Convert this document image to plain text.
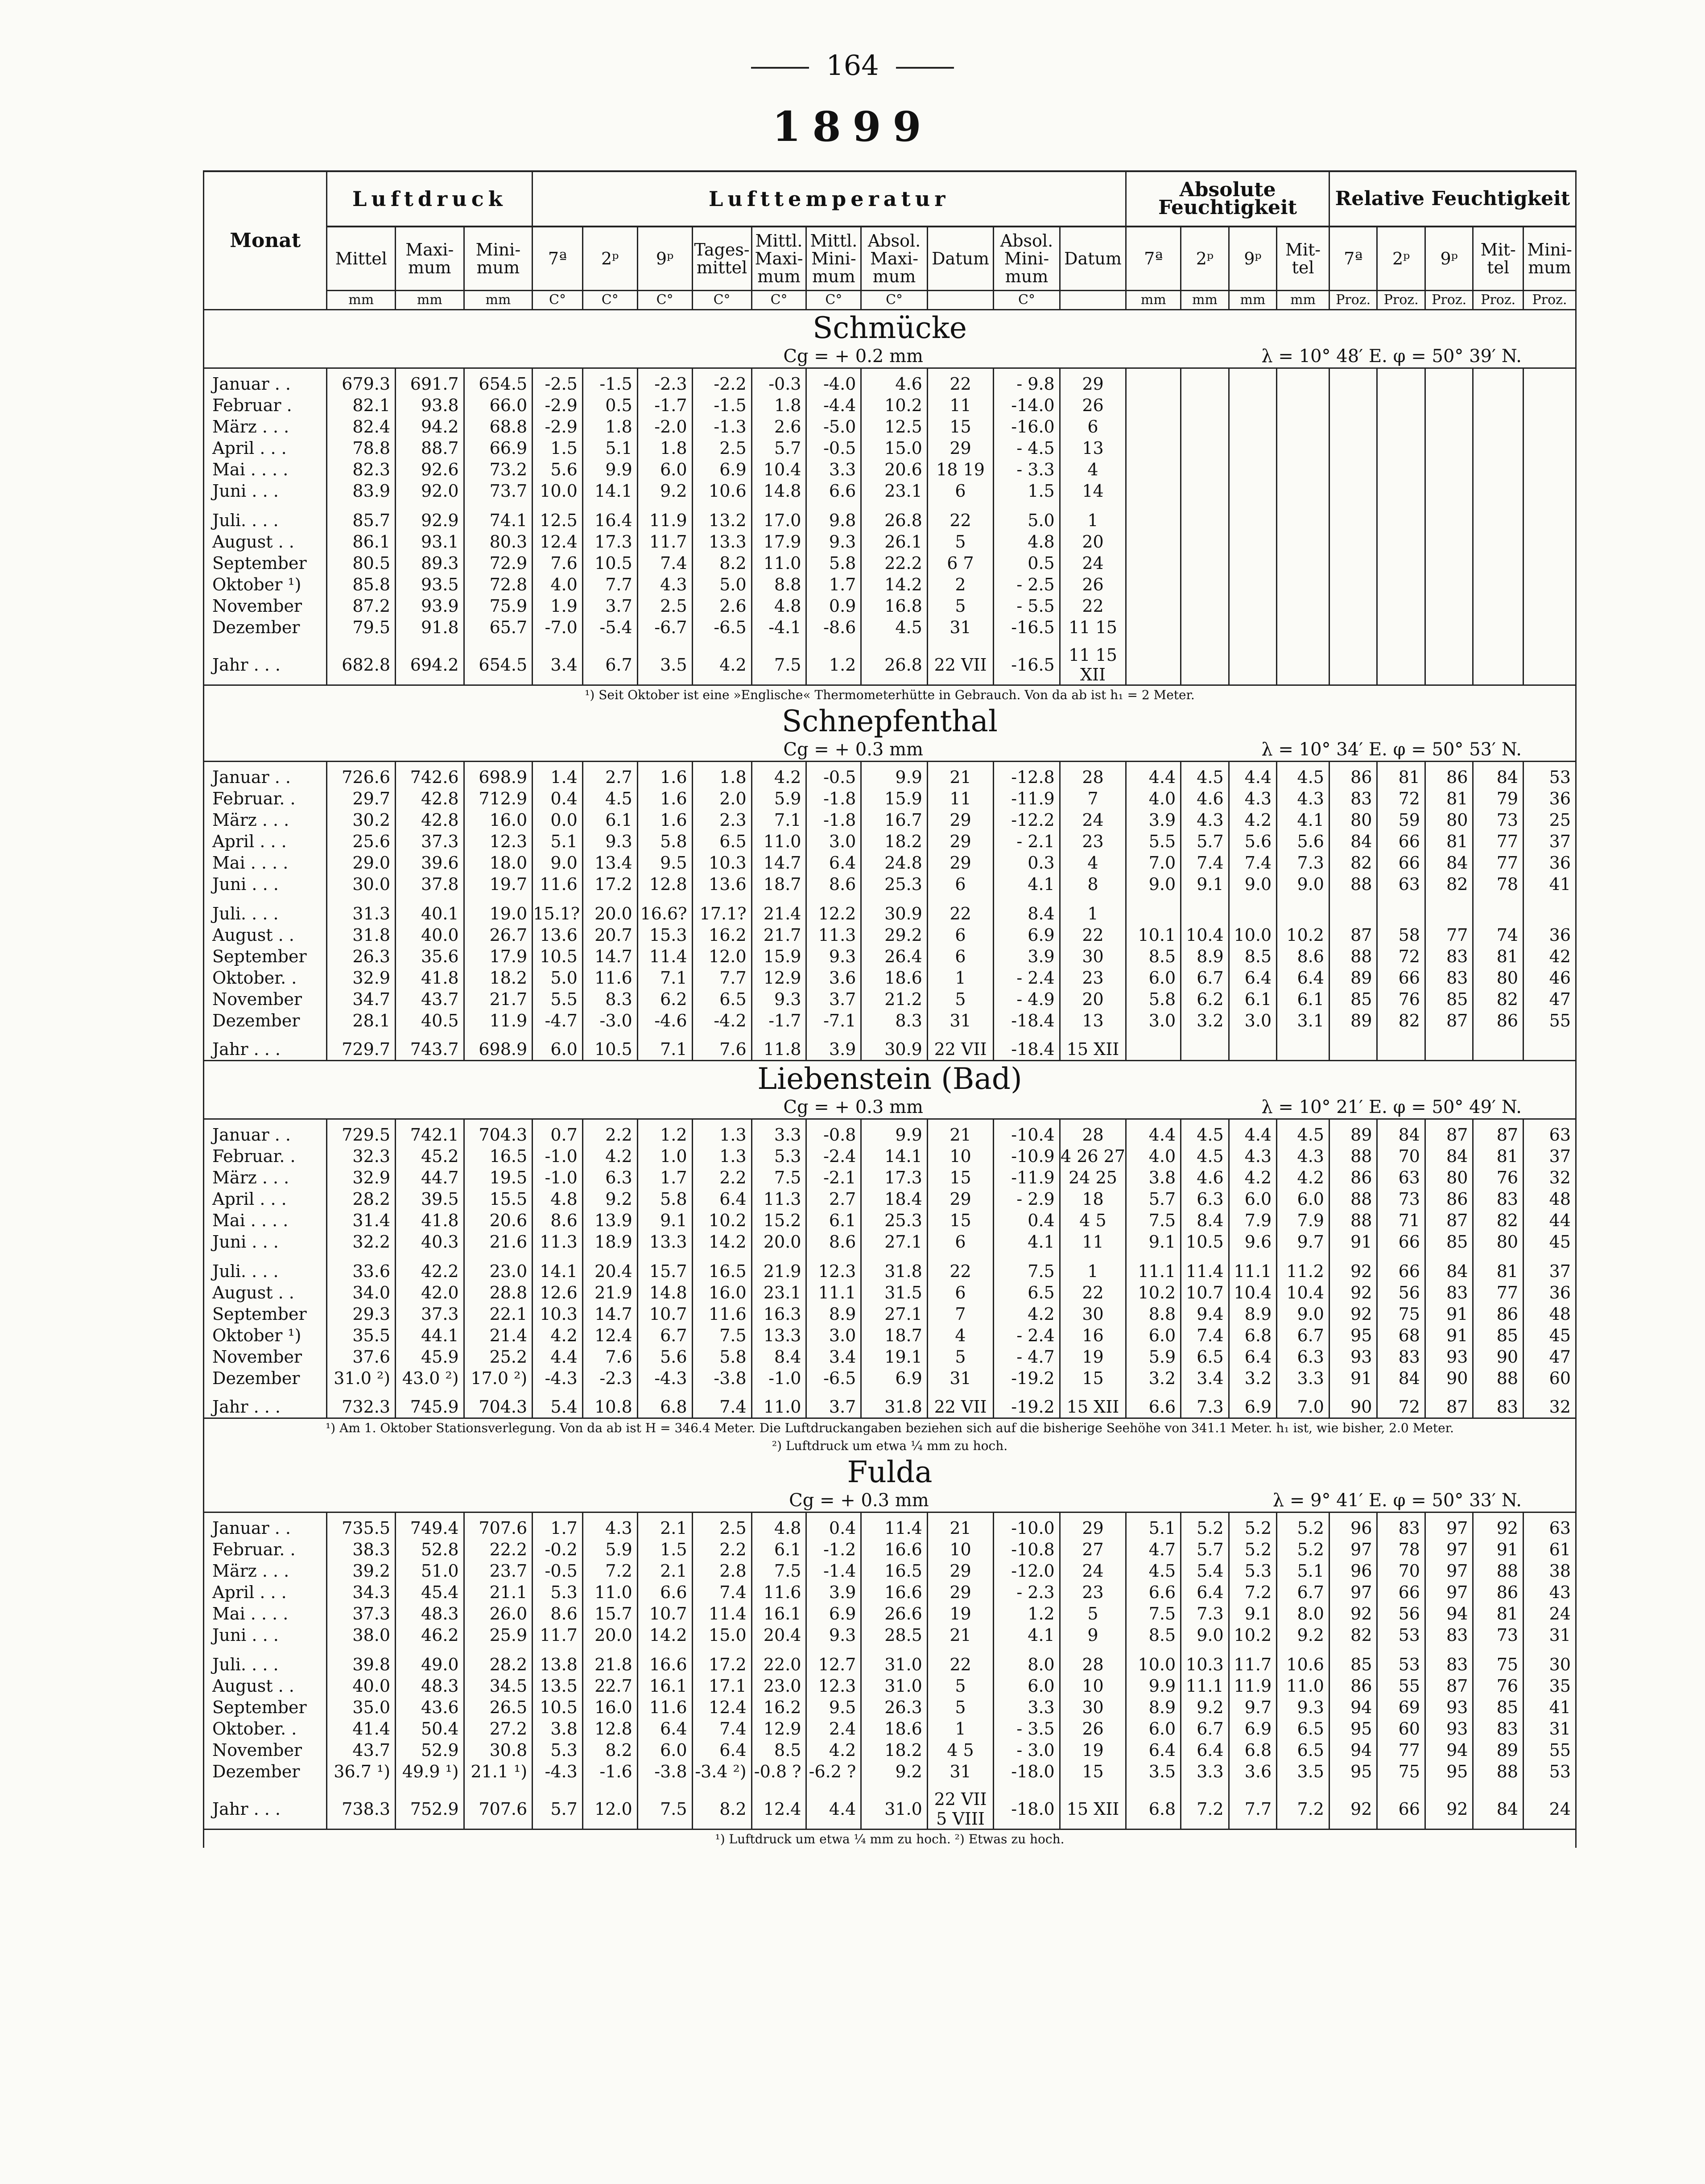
164
1899
Monat	Luftdruck			Lufttemperatur										Absolute Feuchtigkeit				Relative Feuchtigkeit				
	Mittel	Maxi-mum	Mini-mum	7ª	2ᵖ	9ᵖ	Tages-mittel	Mittl. Maxi-mum	Mittl. Mini-mum	Absol. Maxi-mum	Datum	Absol. Mini-mum	Datum	7ª	2ᵖ	9ᵖ	Mit-tel	7ª	2ᵖ	9ᵖ	Mit-tel	Mini-mum
	mm	mm	mm	C°	C°	C°	C°	C°	C°	C°		C°		mm	mm	mm	mm	Proz.	Proz.	Proz.	Proz.	Proz.
Schmücke																						
Cg = + 0.2 mm λ = 10° 48′ E. φ = 50° 39′ N.																						

Januar . .	679.3	691.7	654.5	-2.5	-1.5	-2.3	-2.2	-0.3	-4.0	4.6	22	- 9.8	29									
Februar .	82.1	93.8	66.0	-2.9	0.5	-1.7	-1.5	1.8	-4.4	10.2	11	-14.0	26									
März . . .	82.4	94.2	68.8	-2.9	1.8	-2.0	-1.3	2.6	-5.0	12.5	15	-16.0	6									
April . . .	78.8	88.7	66.9	1.5	5.1	1.8	2.5	5.7	-0.5	15.0	29	- 4.5	13									
Mai . . . .	82.3	92.6	73.2	5.6	9.9	6.0	6.9	10.4	3.3	20.6	18 19	- 3.3	4									
Juni . . .	83.9	92.0	73.7	10.0	14.1	9.2	10.6	14.8	6.6	23.1	6	1.5	14									
Juli. . . .	85.7	92.9	74.1	12.5	16.4	11.9	13.2	17.0	9.8	26.8	22	5.0	1									
August . .	86.1	93.1	80.3	12.4	17.3	11.7	13.3	17.9	9.3	26.1	5	4.8	20									
September	80.5	89.3	72.9	7.6	10.5	7.4	8.2	11.0	5.8	22.2	6 7	0.5	24									
Oktober ¹)	85.8	93.5	72.8	4.0	7.7	4.3	5.0	8.8	1.7	14.2	2	- 2.5	26									
November	87.2	93.9	75.9	1.9	3.7	2.5	2.6	4.8	0.9	16.8	5	- 5.5	22									
Dezember	79.5	91.8	65.7	-7.0	-5.4	-6.7	-6.5	-4.1	-8.6	4.5	31	-16.5	11 15									
Jahr . . .	682.8	694.2	654.5	3.4	6.7	3.5	4.2	7.5	1.2	26.8	22 VII	-16.5	11 15 XII									
¹) Seit Oktober ist eine »Englische« Thermometerhütte in Gebrauch. Von da ab ist h₁ = 2 Meter.																						
Schnepfenthal																						
Cg = + 0.3 mm λ = 10° 34′ E. φ = 50° 53′ N.																						

Januar . .	726.6	742.6	698.9	1.4	2.7	1.6	1.8	4.2	-0.5	9.9	21	-12.8	28	4.4	4.5	4.4	4.5	86	81	86	84	53
Februar. .	29.7	42.8	712.9	0.4	4.5	1.6	2.0	5.9	-1.8	15.9	11	-11.9	7	4.0	4.6	4.3	4.3	83	72	81	79	36
März . . .	30.2	42.8	16.0	0.0	6.1	1.6	2.3	7.1	-1.8	16.7	29	-12.2	24	3.9	4.3	4.2	4.1	80	59	80	73	25
April . . .	25.6	37.3	12.3	5.1	9.3	5.8	6.5	11.0	3.0	18.2	29	- 2.1	23	5.5	5.7	5.6	5.6	84	66	81	77	37
Mai . . . .	29.0	39.6	18.0	9.0	13.4	9.5	10.3	14.7	6.4	24.8	29	0.3	4	7.0	7.4	7.4	7.3	82	66	84	77	36
Juni . . .	30.0	37.8	19.7	11.6	17.2	12.8	13.6	18.7	8.6	25.3	6	4.1	8	9.0	9.1	9.0	9.0	88	63	82	78	41
Juli. . . .	31.3	40.1	19.0	15.1?	20.0	16.6?	17.1?	21.4	12.2	30.9	22	8.4	1									
August . .	31.8	40.0	26.7	13.6	20.7	15.3	16.2	21.7	11.3	29.2	6	6.9	22	10.1	10.4	10.0	10.2	87	58	77	74	36
September	26.3	35.6	17.9	10.5	14.7	11.4	12.0	15.9	9.3	26.4	6	3.9	30	8.5	8.9	8.5	8.6	88	72	83	81	42
Oktober. .	32.9	41.8	18.2	5.0	11.6	7.1	7.7	12.9	3.6	18.6	1	- 2.4	23	6.0	6.7	6.4	6.4	89	66	83	80	46
November	34.7	43.7	21.7	5.5	8.3	6.2	6.5	9.3	3.7	21.2	5	- 4.9	20	5.8	6.2	6.1	6.1	85	76	85	82	47
Dezember	28.1	40.5	11.9	-4.7	-3.0	-4.6	-4.2	-1.7	-7.1	8.3	31	-18.4	13	3.0	3.2	3.0	3.1	89	82	87	86	55
Jahr . . .	729.7	743.7	698.9	6.0	10.5	7.1	7.6	11.8	3.9	30.9	22 VII	-18.4	15 XII									
Liebenstein (Bad)																						
Cg = + 0.3 mm λ = 10° 21′ E. φ = 50° 49′ N.																						

Januar . .	729.5	742.1	704.3	0.7	2.2	1.2	1.3	3.3	-0.8	9.9	21	-10.4	28	4.4	4.5	4.4	4.5	89	84	87	87	63
Februar. .	32.3	45.2	16.5	-1.0	4.2	1.0	1.3	5.3	-2.4	14.1	10	-10.9	4 26 27	4.0	4.5	4.3	4.3	88	70	84	81	37
März . . .	32.9	44.7	19.5	-1.0	6.3	1.7	2.2	7.5	-2.1	17.3	15	-11.9	24 25	3.8	4.6	4.2	4.2	86	63	80	76	32
April . . .	28.2	39.5	15.5	4.8	9.2	5.8	6.4	11.3	2.7	18.4	29	- 2.9	18	5.7	6.3	6.0	6.0	88	73	86	83	48
Mai . . . .	31.4	41.8	20.6	8.6	13.9	9.1	10.2	15.2	6.1	25.3	15	0.4	4 5	7.5	8.4	7.9	7.9	88	71	87	82	44
Juni . . .	32.2	40.3	21.6	11.3	18.9	13.3	14.2	20.0	8.6	27.1	6	4.1	11	9.1	10.5	9.6	9.7	91	66	85	80	45
Juli. . . .	33.6	42.2	23.0	14.1	20.4	15.7	16.5	21.9	12.3	31.8	22	7.5	1	11.1	11.4	11.1	11.2	92	66	84	81	37
August . .	34.0	42.0	28.8	12.6	21.9	14.8	16.0	23.1	11.1	31.5	6	6.5	22	10.2	10.7	10.4	10.4	92	56	83	77	36
September	29.3	37.3	22.1	10.3	14.7	10.7	11.6	16.3	8.9	27.1	7	4.2	30	8.8	9.4	8.9	9.0	92	75	91	86	48
Oktober ¹)	35.5	44.1	21.4	4.2	12.4	6.7	7.5	13.3	3.0	18.7	4	- 2.4	16	6.0	7.4	6.8	6.7	95	68	91	85	45
November	37.6	45.9	25.2	4.4	7.6	5.6	5.8	8.4	3.4	19.1	5	- 4.7	19	5.9	6.5	6.4	6.3	93	83	93	90	47
Dezember	31.0 ²)	43.0 ²)	17.0 ²)	-4.3	-2.3	-4.3	-3.8	-1.0	-6.5	6.9	31	-19.2	15	3.2	3.4	3.2	3.3	91	84	90	88	60
Jahr . . .	732.3	745.9	704.3	5.4	10.8	6.8	7.4	11.0	3.7	31.8	22 VII	-19.2	15 XII	6.6	7.3	6.9	7.0	90	72	87	83	32
¹) Am 1. Oktober Stationsverlegung. Von da ab ist H = 346.4 Meter. Die Luftdruckangaben beziehen sich auf die bisherige Seehöhe von 341.1 Meter. h₁ ist, wie bisher, 2.0 Meter.																						
²) Luftdruck um etwa ¼ mm zu hoch.																						
Fulda																						
Cg = + 0.3 mm λ = 9° 41′ E. φ = 50° 33′ N.																						

Januar . .	735.5	749.4	707.6	1.7	4.3	2.1	2.5	4.8	0.4	11.4	21	-10.0	29	5.1	5.2	5.2	5.2	96	83	97	92	63
Februar. .	38.3	52.8	22.2	-0.2	5.9	1.5	2.2	6.1	-1.2	16.6	10	-10.8	27	4.7	5.7	5.2	5.2	97	78	97	91	61
März . . .	39.2	51.0	23.7	-0.5	7.2	2.1	2.8	7.5	-1.4	16.5	29	-12.0	24	4.5	5.4	5.3	5.1	96	70	97	88	38
April . . .	34.3	45.4	21.1	5.3	11.0	6.6	7.4	11.6	3.9	16.6	29	- 2.3	23	6.6	6.4	7.2	6.7	97	66	97	86	43
Mai . . . .	37.3	48.3	26.0	8.6	15.7	10.7	11.4	16.1	6.9	26.6	19	1.2	5	7.5	7.3	9.1	8.0	92	56	94	81	24
Juni . . .	38.0	46.2	25.9	11.7	20.0	14.2	15.0	20.4	9.3	28.5	21	4.1	9	8.5	9.0	10.2	9.2	82	53	83	73	31
Juli. . . .	39.8	49.0	28.2	13.8	21.8	16.6	17.2	22.0	12.7	31.0	22	8.0	28	10.0	10.3	11.7	10.6	85	53	83	75	30
August . .	40.0	48.3	34.5	13.5	22.7	16.1	17.1	23.0	12.3	31.0	5	6.0	10	9.9	11.1	11.9	11.0	86	55	87	76	35
September	35.0	43.6	26.5	10.5	16.0	11.6	12.4	16.2	9.5	26.3	5	3.3	30	8.9	9.2	9.7	9.3	94	69	93	85	41
Oktober. .	41.4	50.4	27.2	3.8	12.8	6.4	7.4	12.9	2.4	18.6	1	- 3.5	26	6.0	6.7	6.9	6.5	95	60	93	83	31
November	43.7	52.9	30.8	5.3	8.2	6.0	6.4	8.5	4.2	18.2	4 5	- 3.0	19	6.4	6.4	6.8	6.5	94	77	94	89	55
Dezember	36.7 ¹)	49.9 ¹)	21.1 ¹)	-4.3	-1.6	-3.8	-3.4 ²)	-0.8 ?	-6.2 ?	9.2	31	-18.0	15	3.5	3.3	3.6	3.5	95	75	95	88	53
Jahr . . .	738.3	752.9	707.6	5.7	12.0	7.5	8.2	12.4	4.4	31.0	22 VII 5 VIII	-18.0	15 XII	6.8	7.2	7.7	7.2	92	66	92	84	24
¹) Luftdruck um etwa ¼ mm zu hoch. ²) Etwas zu hoch.																						
